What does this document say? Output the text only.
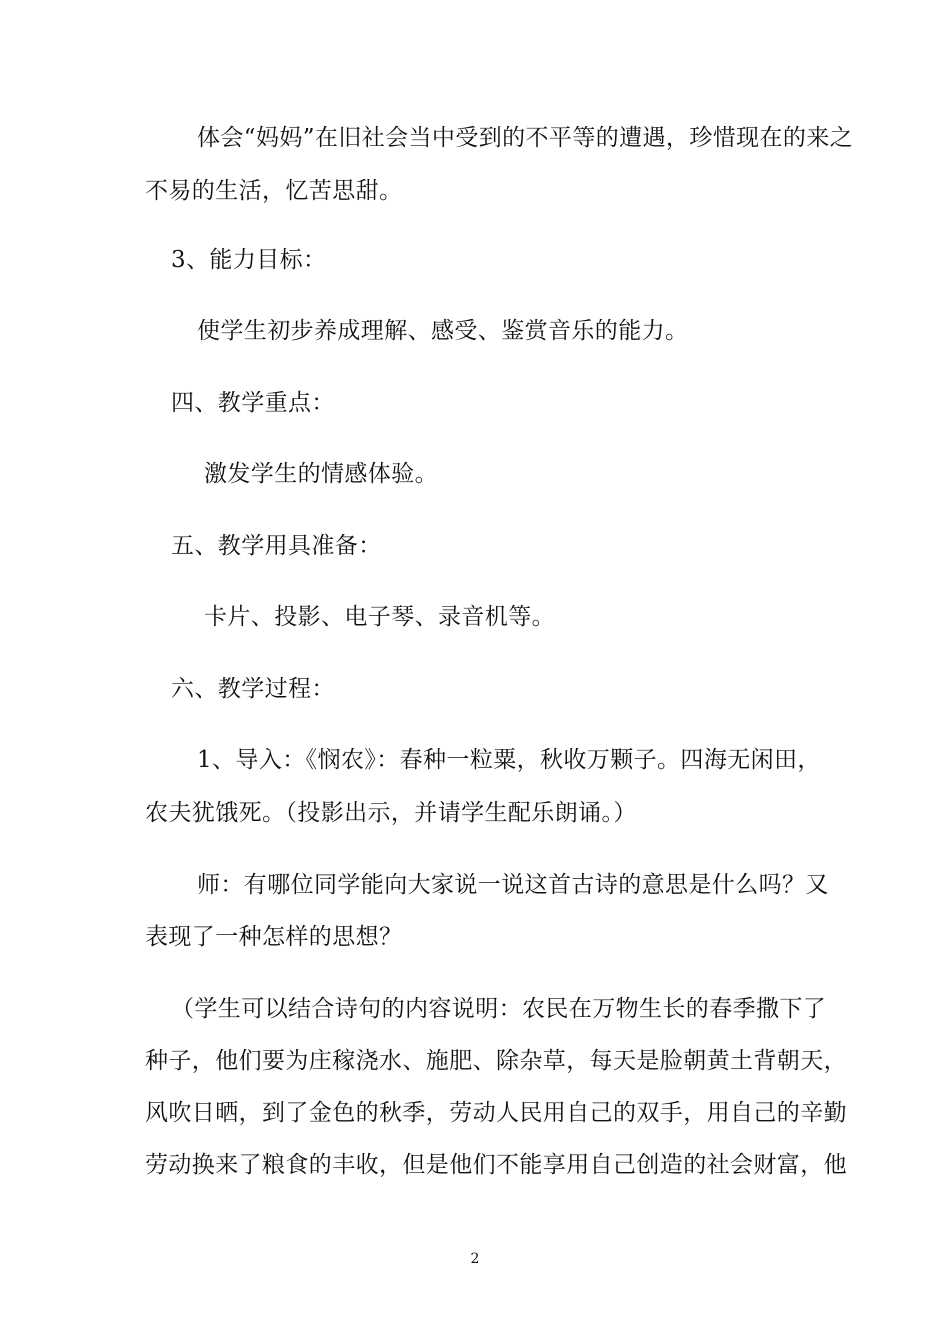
体会“妈妈”在旧社会当中受到的不平等的遭遇，珍惜现在的来之
不易的生活，忆苦思甜。
3、能力目标：
使学生初步养成理解、感受、鉴赏音乐的能力。
四、教学重点：
激发学生的情感体验。
五、教学用具准备：
卡片、投影、电子琴、录音机等。
六、教学过程：
1、导入：《悯农》：春种一粒粟，秋收万颗子。四海无闲田，
农夫犹饿死。（投影出示，并请学生配乐朗诵。）
师：有哪位同学能向大家说一说这首古诗的意思是什么吗？又
表现了一种怎样的思想？
（学生可以结合诗句的内容说明：农民在万物生长的春季撒下了
种子，他们要为庄稼浇水、施肥、除杂草，每天是脸朝黄土背朝天，
风吹日晒，到了金色的秋季，劳动人民用自己的双手，用自己的辛勤
劳动换来了粮食的丰收，但是他们不能享用自己创造的社会财富，他
2
